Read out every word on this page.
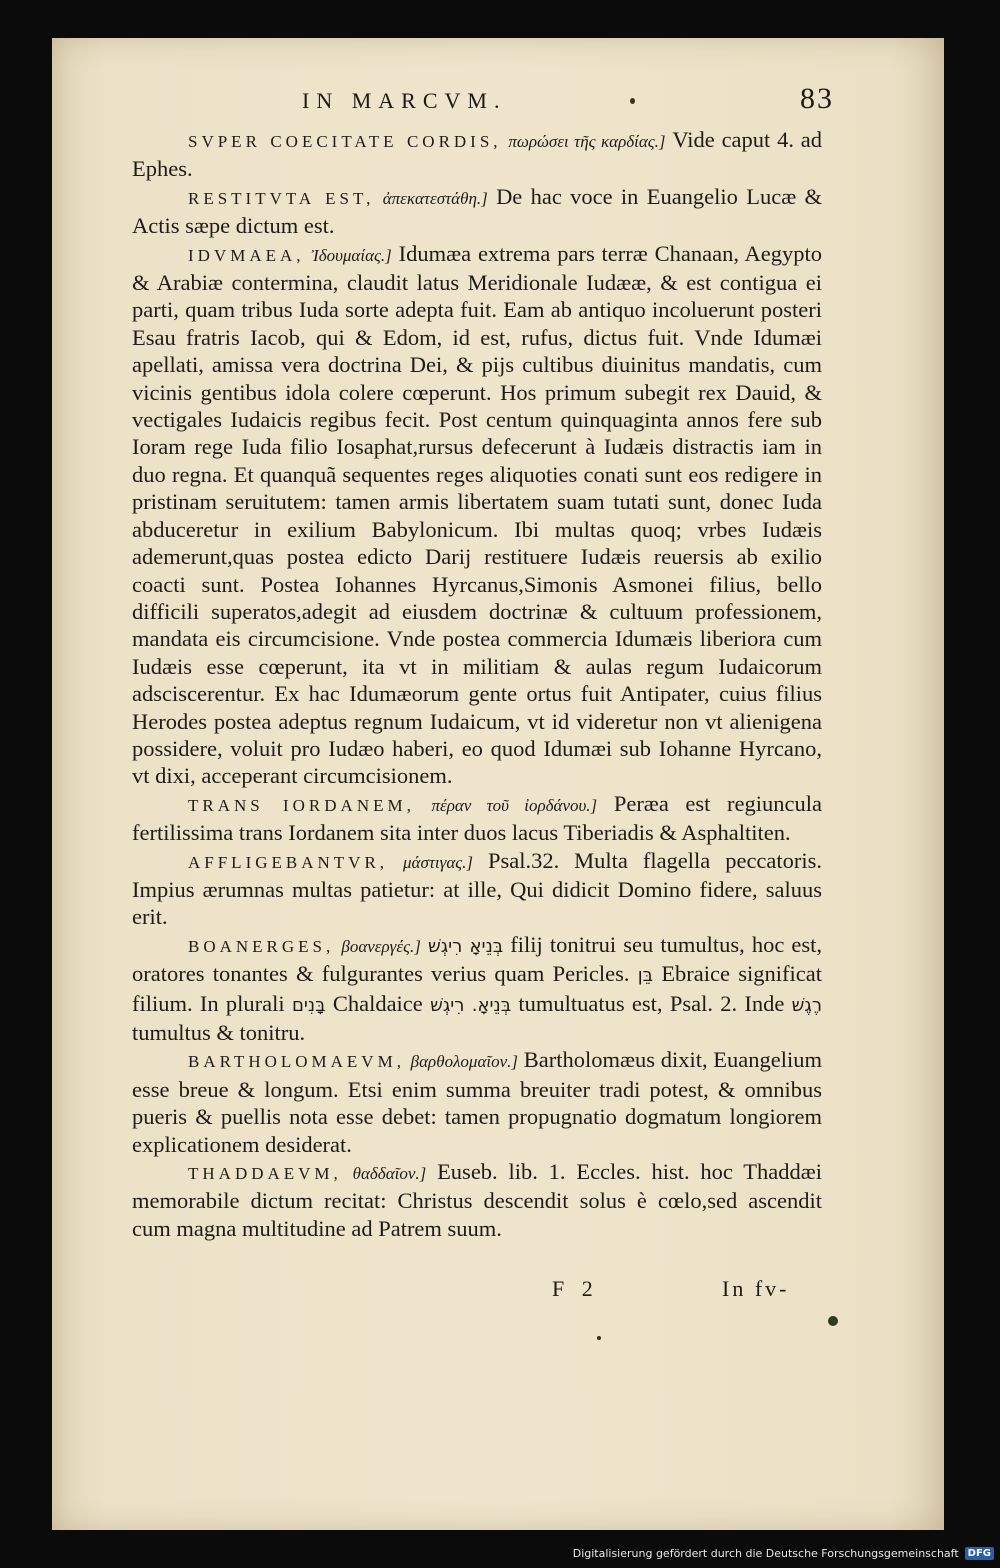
IN MARCVM.	83

SVPER COECITATE CORDIS, πωρώσει τῆς καρδίας.] Vide caput 4. ad Ephes.

RESTITVTA EST, ἀπεκατεστάθη.] De hac voce in Euangelio Lucæ & Actis sæpe dictum est.

IDVMAEA, Ἰδουμαίας.] Idumæa extrema pars terræ Chanaan, Aegypto & Arabiæ contermina, claudit latus Meridionale Iudææ, & est contigua ei parti, quam tribus Iuda sorte adepta fuit. Eam ab antiquo incoluerunt posteri Esau fratris Iacob, qui & Edom, id est, rufus, dictus fuit. Vnde Idumæi apellati, amissa vera doctrina Dei, & pijs cultibus diuinitus mandatis, cum vicinis gentibus idola colere cœperunt. Hos primum subegit rex Dauid, & vectigales Iudaicis regibus fecit. Post centum quinquaginta annos fere sub Ioram rege Iuda filio Iosaphat,rursus defecerunt à Iudæis distractis iam in duo regna. Et quanquã sequentes reges aliquoties conati sunt eos redigere in pristinam seruitutem: tamen armis libertatem suam tutati sunt, donec Iuda abduceretur in exilium Babylonicum. Ibi multas quoq; vrbes Iudæis ademerunt,quas postea edicto Darij restituere Iudæis reuersis ab exilio coacti sunt. Postea Iohannes Hyrcanus,Simonis Asmonei filius, bello difficili superatos,adegit ad eiusdem doctrinæ & cultuum professionem, mandata eis circumcisione. Vnde postea commercia Idumæis liberiora cum Iudæis esse cœperunt, ita vt in militiam & aulas regum Iudaicorum adsciscerentur. Ex hac Idumæorum gente ortus fuit Antipater, cuius filius Herodes postea adeptus regnum Iudaicum, vt id videretur non vt alienigena possidere, voluit pro Iudæo haberi, eo quod Idumæi sub Iohanne Hyrcano, vt dixi, acceperant circumcisionem.

TRANS IORDANEM, πέραν τοῦ ἰορδάνου.] Peræa est regiuncula fertilissima trans Iordanem sita inter duos lacus Tiberiadis & Asphaltiten.

AFFLIGEBANTVR, μάστιγας.] Psal.32. Multa flagella peccatoris. Impius ærumnas multas patietur: at ille, Qui didicit Domino fidere, saluus erit.

BOANERGES, βοανεργές.] בְּנֵיאָ רִיגְשׁ filij tonitrui seu tumultus, hoc est, oratores tonantes & fulgurantes verius quam Pericles. בֵּן Ebraice significat filium. In plurali בָּנִים Chaldaice	בְּנֵיאָ. רִיגְשׁ tumultuatus est, Psal. 2. Inde רֶגֶשׁ tumultus & tonitru.

BARTHOLOMAEVM, βαρθολομαῖον.] Bartholomæus dixit, Euangelium esse breue & longum. Etsi enim summa breuiter tradi potest, & omnibus pueris & puellis nota esse debet: tamen propugnatio dogmatum longiorem explicationem desiderat.

THADDAEVM, θαδδαῖον.] Euseb. lib. 1. Eccles. hist. hoc Thaddæi memorabile dictum recitat: Christus descendit solus è cœlo,sed ascendit cum magna multitudine ad Patrem suum.

F 2	In fv-
Digitalisierung gefördert durch die Deutsche Forschungsgemeinschaft DFG
